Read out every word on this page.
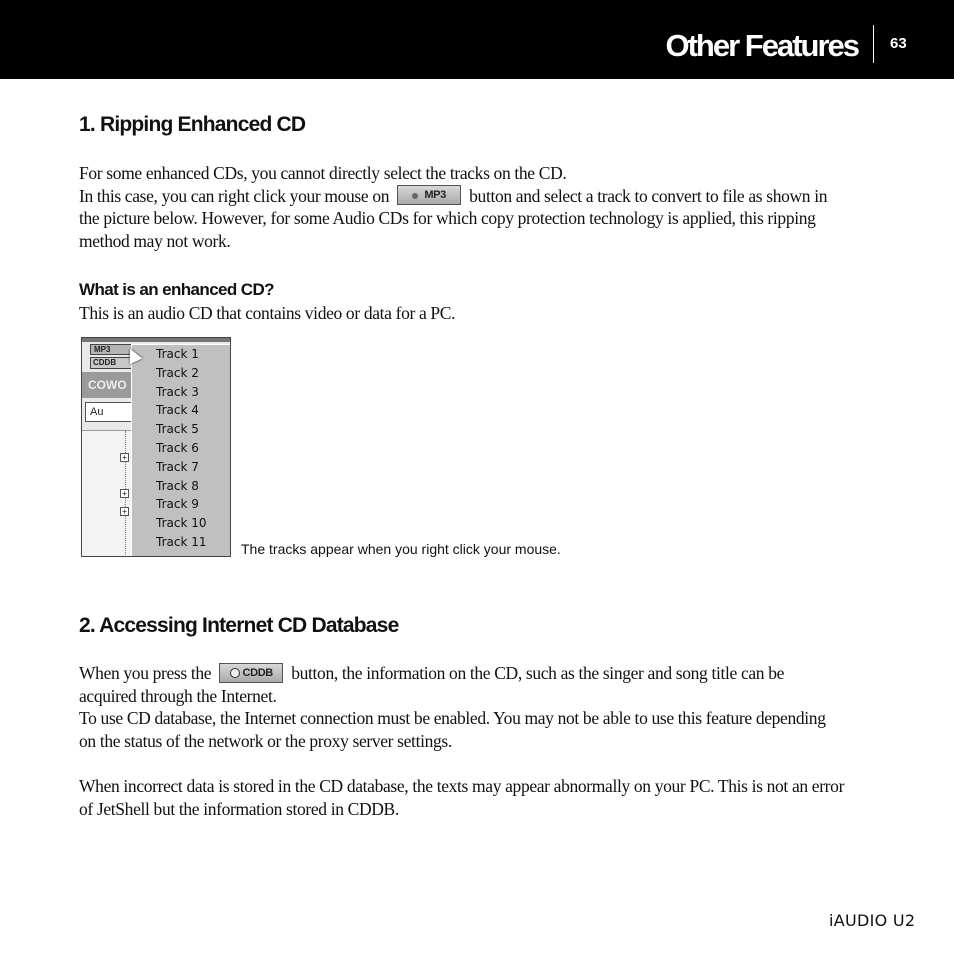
Other Features 63
1. Ripping Enhanced CD
For some enhanced CDs, you cannot directly select the tracks on the CD.
In this case, you can right click your mouse on	MP3 button and select a track to convert to file as shown in
the picture below. However, for some Audio CDs for which copy protection technology is applied, this ripping
method may not work.
What is an enhanced CD?
This is an audio CD that contains video or data for a PC.
MP3
CDDB
COWO
Au
+
+
+
Track 1
Track 2
Track 3
Track 4
Track 5
Track 6
Track 7
Track 8
Track 9
Track 10
Track 11	The tracks appear when you right click your mouse.
2. Accessing Internet CD Database
When you press the	CDDB button, the information on the CD, such as the singer and song title can be
acquired through the Internet.
To use CD database, the Internet connection must be enabled. You may not be able to use this feature depending
on the status of the network or the proxy server settings.
When incorrect data is stored in the CD database, the texts may appear abnormally on your PC. This is not an error
of JetShell but the information stored in CDDB.
iAUDIO U2
